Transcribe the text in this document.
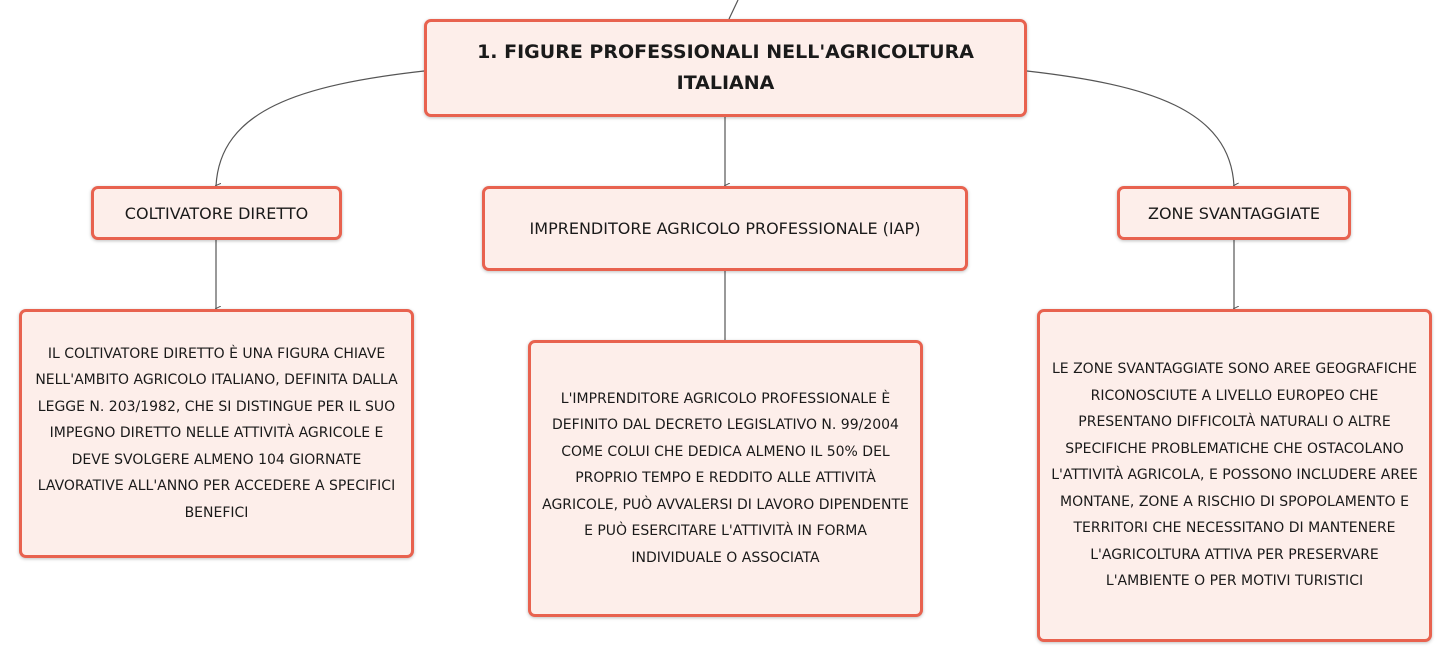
1. FIGURE PROFESSIONALI NELL'AGRICOLTURA ITALIANA
COLTIVATORE DIRETTO
IMPRENDITORE AGRICOLO PROFESSIONALE (IAP)
ZONE SVANTAGGIATE
IL COLTIVATORE DIRETTO È UNA FIGURA CHIAVE NELL'AMBITO AGRICOLO ITALIANO, DEFINITA DALLA LEGGE N. 203/1982, CHE SI DISTINGUE PER IL SUO IMPEGNO DIRETTO NELLE ATTIVITÀ AGRICOLE E DEVE SVOLGERE ALMENO 104 GIORNATE LAVORATIVE ALL'ANNO PER ACCEDERE A SPECIFICI BENEFICI
L'IMPRENDITORE AGRICOLO PROFESSIONALE È DEFINITO DAL DECRETO LEGISLATIVO N. 99/2004 COME COLUI CHE DEDICA ALMENO IL 50% DEL PROPRIO TEMPO E REDDITO ALLE ATTIVITÀ AGRICOLE, PUÒ AVVALERSI DI LAVORO DIPENDENTE E PUÒ ESERCITARE L'ATTIVITÀ IN FORMA INDIVIDUALE O ASSOCIATA
LE ZONE SVANTAGGIATE SONO AREE GEOGRAFICHE RICONOSCIUTE A LIVELLO EUROPEO CHE PRESENTANO DIFFICOLTÀ NATURALI O ALTRE SPECIFICHE PROBLEMATICHE CHE OSTACOLANO L'ATTIVITÀ AGRICOLA, E POSSONO INCLUDERE AREE MONTANE, ZONE A RISCHIO DI SPOPOLAMENTO E TERRITORI CHE NECESSITANO DI MANTENERE L'AGRICOLTURA ATTIVA PER PRESERVARE L'AMBIENTE O PER MOTIVI TURISTICI
